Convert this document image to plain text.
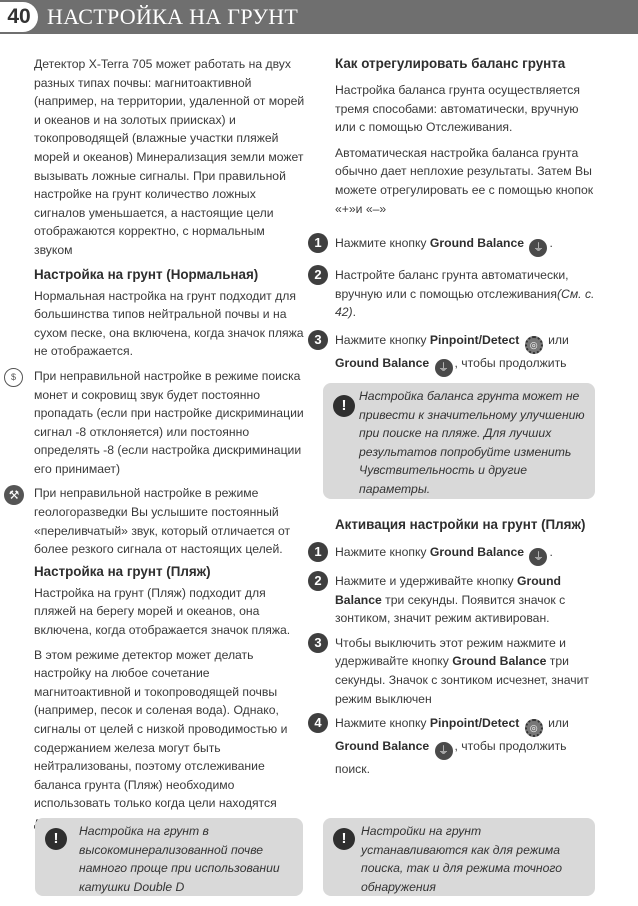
40 НАСТРОЙКА НА ГРУНТ

Детектор X-Terra 705 может работать на двух разных типах почвы: магнитоактивной (например, на территории, удаленной от морей и океанов и на золотых приисках) и токопроводящей (влажные участки пляжей морей и океанов) Минерализация земли может вызывать ложные сигналы. При правильной настройке на грунт количество ложных сигналов уменьшается, а настоящие цели отображаются корректно, с нормальным звуком

Настройка на грунт (Нормальная)

Нормальная настройка на грунт подходит для большинства типов нейтральной почвы и на сухом песке, она включена, когда значок пляжа не отображается.

$	При неправильной настройке в режиме поиска монет и сокровищ звук будет постоянно пропадать (если при настройке дискриминации сигнал -8 отклоняется) или постоянно определять -8 (если настройка дискриминации его принимает)

⚒	При неправильной настройке в режиме геологоразведки Вы услышите постоянный «переливчатый» звук, который отличается от более резкого сигнала от настоящих целей.

Настройка на грунт (Пляж)

Настройка на грунт (Пляж) подходит для пляжей на берегу морей и океанов, она включена, когда отображается значок пляжа.

В этом режиме детектор может делать настройку на любое сочетание магнитоактивной и токопроводящей почвы (например, песок и соленая вода). Однако, сигналы от целей с низкой проводимостью и содержанием железа могут быть нейтрализованы, поэтому отслеживание баланса грунта (Пляж) необходимо использовать только когда цели находятся

!	Настройка на грунт в высокоминерализованной почве намного проще при использовании катушки Double D
Как отрегулировать баланс грунта

Настройка баланса грунта осуществляется тремя способами: автоматически, вручную или с помощью Отслеживания.

Автоматическая настройка баланса грунта обычно дает неплохие результаты. Затем Вы можете отрегулировать ее с помощью кнопок «+»и «–»

1	Нажмите кнопку Ground Balance ⏚ .
2	Настройте баланс грунта автоматически, вручную или с помощью отслеживания(См. с. 42).
3	Нажмите кнопку Pinpoint/Detect ◎ или
Ground Balance ⏚ , чтобы продолжить
!
Настройка баланса грунта может не привести к значительному улучшению при поиске на пляже. Для лучших результатов попробуйте изменить Чувствительность и другие параметры.
Активация настройки на грунт (Пляж)
1	Нажмите кнопку Ground Balance ⏚ .
2	Нажмите и удерживайте кнопку Ground Balance три секунды. Появится значок с зонтиком, значит режим активирован.
3	Чтобы выключить этот режим нажмите и удерживайте кнопку Ground Balance три секунды. Значок с зонтиком исчезнет, значит режим выключен
4	Нажмите кнопку Pinpoint/Detect ◎ или
Ground Balance ⏚ , чтобы продолжить поиск.
!	Настройки на грунт устанавливаются как для режима поиска, так и для режима точного обнаружения
